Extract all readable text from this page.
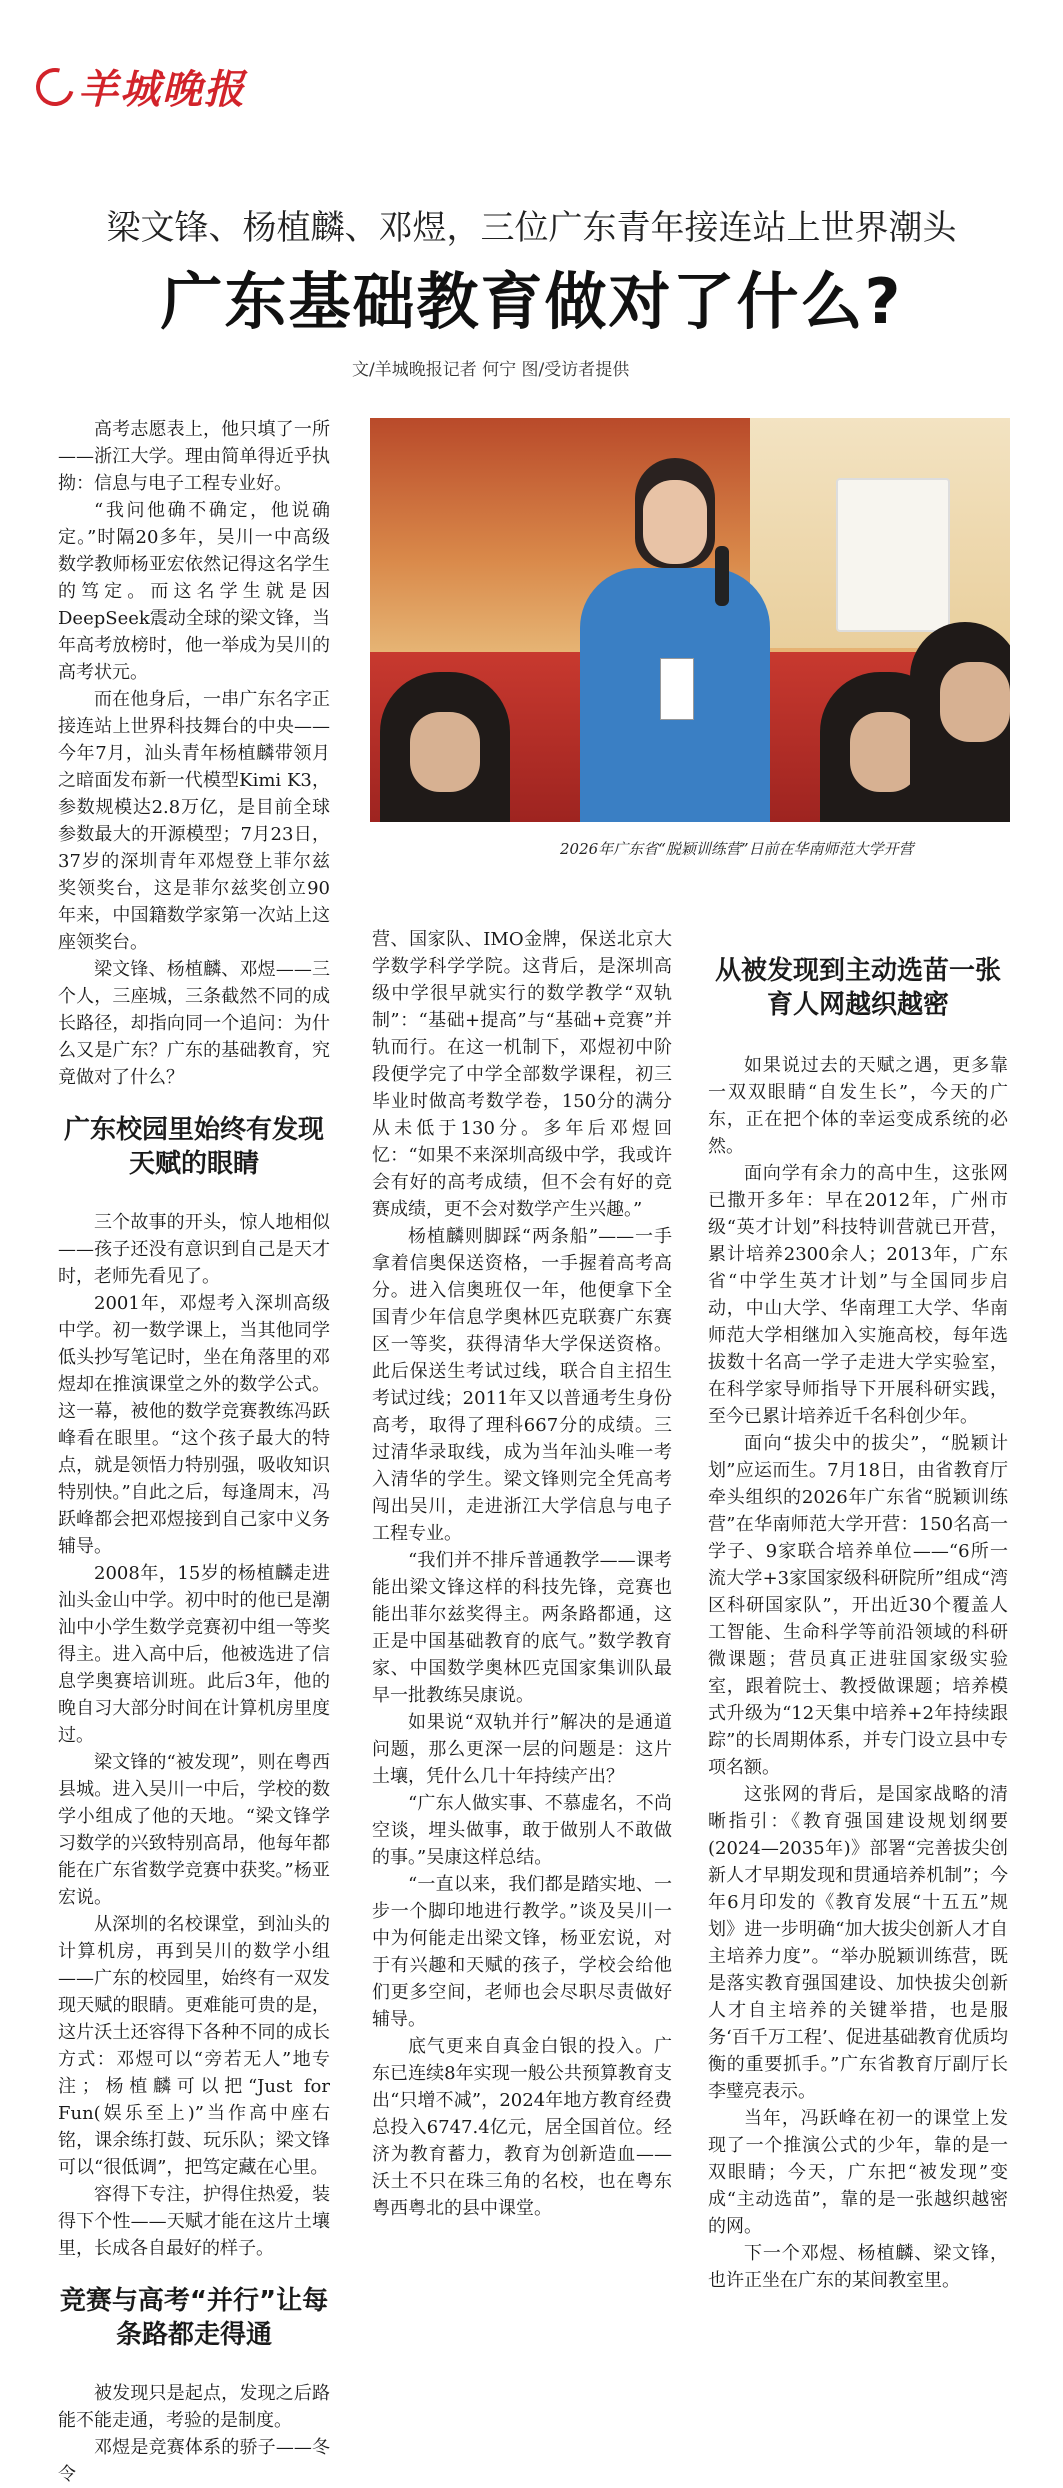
羊城晚报
梁文锋、杨植麟、邓煜，三位广东青年接连站上世界潮头
广东基础教育做对了什么?
文/羊城晚报记者 何宁 图/受访者提供
2026年广东省“脱颖训练营”日前在华南师范大学开营

高考志愿表上，他只填了一所——浙江大学。理由简单得近乎执拗：信息与电子工程专业好。

“我问他确不确定，他说确定。”时隔20多年，吴川一中高级数学教师杨亚宏依然记得这名学生的笃定。而这名学生就是因DeepSeek震动全球的梁文锋，当年高考放榜时，他一举成为吴川的高考状元。

而在他身后，一串广东名字正接连站上世界科技舞台的中央——今年7月，汕头青年杨植麟带领月之暗面发布新一代模型Kimi K3，参数规模达2.8万亿，是目前全球参数最大的开源模型；7月23日，37岁的深圳青年邓煜登上菲尔兹奖领奖台，这是菲尔兹奖创立90年来，中国籍数学家第一次站上这座领奖台。

梁文锋、杨植麟、邓煜——三个人，三座城，三条截然不同的成长路径，却指向同一个追问：为什么又是广东？广东的基础教育，究竟做对了什么？

广东校园里始终有发现天赋的眼睛

三个故事的开头，惊人地相似——孩子还没有意识到自己是天才时，老师先看见了。

2001年，邓煜考入深圳高级中学。初一数学课上，当其他同学低头抄写笔记时，坐在角落里的邓煜却在推演课堂之外的数学公式。这一幕，被他的数学竞赛教练冯跃峰看在眼里。“这个孩子最大的特点，就是领悟力特别强，吸收知识特别快。”自此之后，每逢周末，冯跃峰都会把邓煜接到自己家中义务辅导。

2008年，15岁的杨植麟走进汕头金山中学。初中时的他已是潮汕中小学生数学竞赛初中组一等奖得主。进入高中后，他被选进了信息学奥赛培训班。此后3年，他的晚自习大部分时间在计算机房里度过。

梁文锋的“被发现”，则在粤西县城。进入吴川一中后，学校的数学小组成了他的天地。“梁文锋学习数学的兴致特别高昂，他每年都能在广东省数学竞赛中获奖。”杨亚宏说。

从深圳的名校课堂，到汕头的计算机房，再到吴川的数学小组——广东的校园里，始终有一双发现天赋的眼睛。更难能可贵的是，这片沃土还容得下各种不同的成长方式：邓煜可以“旁若无人”地专注；杨植麟可以把“Just for Fun(娱乐至上)”当作高中座右铭，课余练打鼓、玩乐队；梁文锋可以“很低调”，把笃定藏在心里。

容得下专注，护得住热爱，装得下个性——天赋才能在这片土壤里，长成各自最好的样子。

竞赛与高考“并行”让每条路都走得通

被发现只是起点，发现之后路能不能走通，考验的是制度。

邓煜是竞赛体系的骄子——冬令

营、国家队、IMO金牌，保送北京大学数学科学学院。这背后，是深圳高级中学很早就实行的数学教学“双轨制”：“基础+提高”与“基础+竞赛”并轨而行。在这一机制下，邓煜初中阶段便学完了中学全部数学课程，初三毕业时做高考数学卷，150分的满分从未低于130分。多年后邓煜回忆：“如果不来深圳高级中学，我或许会有好的高考成绩，但不会有好的竞赛成绩，更不会对数学产生兴趣。”

杨植麟则脚踩“两条船”——一手拿着信奥保送资格，一手握着高考高分。进入信奥班仅一年，他便拿下全国青少年信息学奥林匹克联赛广东赛区一等奖，获得清华大学保送资格。此后保送生考试过线，联合自主招生考试过线；2011年又以普通考生身份高考，取得了理科667分的成绩。三过清华录取线，成为当年汕头唯一考入清华的学生。梁文锋则完全凭高考闯出吴川，走进浙江大学信息与电子工程专业。

“我们并不排斥普通教学——课考能出梁文锋这样的科技先锋，竞赛也能出菲尔兹奖得主。两条路都通，这正是中国基础教育的底气。”数学教育家、中国数学奥林匹克国家集训队最早一批教练吴康说。

如果说“双轨并行”解决的是通道问题，那么更深一层的问题是：这片土壤，凭什么几十年持续产出？

“广东人做实事、不慕虚名，不尚空谈，埋头做事，敢于做别人不敢做的事。”吴康这样总结。

“一直以来，我们都是踏实地、一步一个脚印地进行教学。”谈及吴川一中为何能走出梁文锋，杨亚宏说，对于有兴趣和天赋的孩子，学校会给他们更多空间，老师也会尽职尽责做好辅导。

底气更来自真金白银的投入。广东已连续8年实现一般公共预算教育支出“只增不减”，2024年地方教育经费总投入6747.4亿元，居全国首位。经济为教育蓄力，教育为创新造血——沃土不只在珠三角的名校，也在粤东粤西粤北的县中课堂。

从被发现到主动选苗一张育人网越织越密

如果说过去的天赋之遇，更多靠一双双眼睛“自发生长”，今天的广东，正在把个体的幸运变成系统的必然。

面向学有余力的高中生，这张网已撒开多年：早在2012年，广州市级“英才计划”科技特训营就已开营，累计培养2300余人；2013年，广东省“中学生英才计划”与全国同步启动，中山大学、华南理工大学、华南师范大学相继加入实施高校，每年选拔数十名高一学子走进大学实验室，在科学家导师指导下开展科研实践，至今已累计培养近千名科创少年。

面向“拔尖中的拔尖”，“脱颖计划”应运而生。7月18日，由省教育厅牵头组织的2026年广东省“脱颖训练营”在华南师范大学开营：150名高一学子、9家联合培养单位——“6所一流大学+3家国家级科研院所”组成“湾区科研国家队”，开出近30个覆盖人工智能、生命科学等前沿领域的科研微课题；营员真正进驻国家级实验室，跟着院士、教授做课题；培养模式升级为“12天集中培养+2年持续跟踪”的长周期体系，并专门设立县中专项名额。

这张网的背后，是国家战略的清晰指引：《教育强国建设规划纲要(2024—2035年)》部署“完善拔尖创新人才早期发现和贯通培养机制”；今年6月印发的《教育发展“十五五”规划》进一步明确“加大拔尖创新人才自主培养力度”。“举办脱颖训练营，既是落实教育强国建设、加快拔尖创新人才自主培养的关键举措，也是服务‘百千万工程’、促进基础教育优质均衡的重要抓手。”广东省教育厅副厅长李璧亮表示。

当年，冯跃峰在初一的课堂上发现了一个推演公式的少年，靠的是一双眼睛；今天，广东把“被发现”变成“主动选苗”，靠的是一张越织越密的网。

下一个邓煜、杨植麟、梁文锋，也许正坐在广东的某间教室里。
